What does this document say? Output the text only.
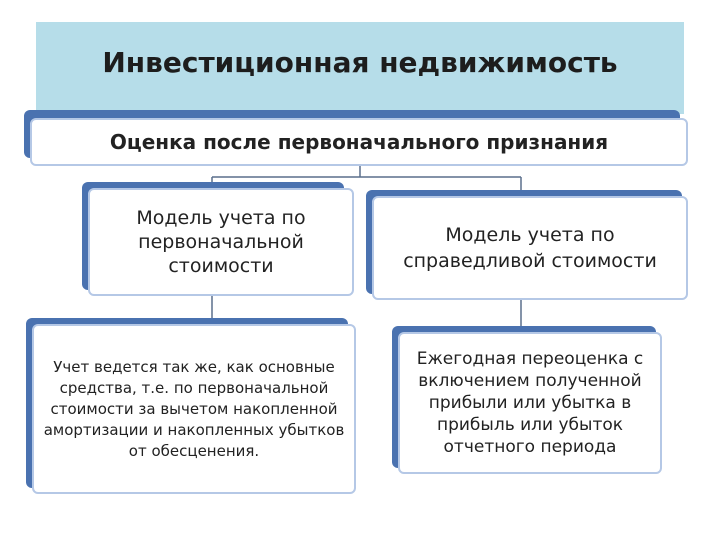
Инвестиционная недвижимость
Оценка после первоначального признания
Модель учета по первоначальной стоимости
Модель учета по справедливой стоимости
Учет ведется так же, как основные средства, т.е. по первоначальной стоимости за вычетом накопленной амортизации и накопленных убытков от обесценения.
Ежегодная переоценка с включением полученной прибыли или убытка в прибыль или убыток отчетного периода
